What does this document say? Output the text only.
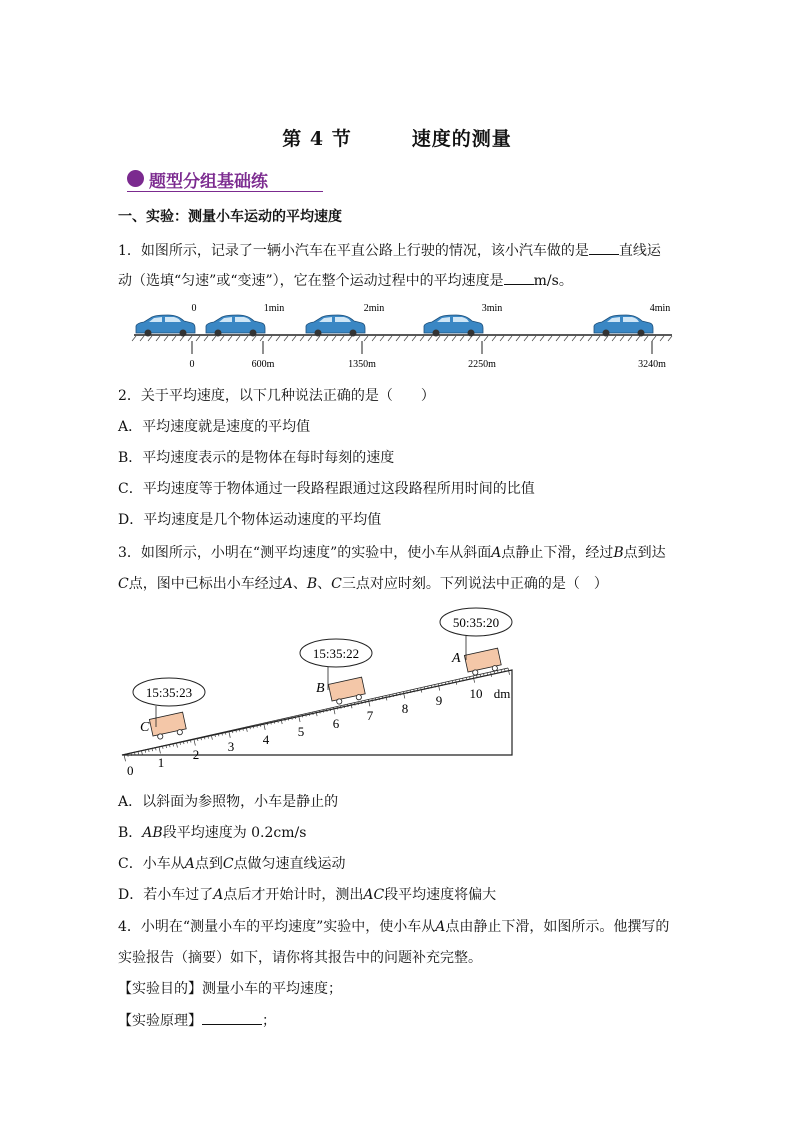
第 4 节	速度的测量
题型分组基础练
一、实验：测量小车运动的平均速度
1．如图所示，记录了一辆小汽车在平直公路上行驶的情况，该小汽车做的是 直线运
动（选填“匀速”或“变速”），它在整个运动过程中的平均速度是 m/s。
0	1min	2min	3min	4min
0	600m	1350m	2250m	3240m
2．关于平均速度，以下几种说法正确的是（　　）
A．平均速度就是速度的平均值
B．平均速度表示的是物体在每时每刻的速度
C．平均速度等于物体通过一段路程跟通过这段路程所用时间的比值
D．平均速度是几个物体运动速度的平均值
3．如图所示，小明在“测平均速度”的实验中，使小车从斜面A点静止下滑，经过B点到达
C点，图中已标出小车经过A、B、C三点对应时刻。下列说法中正确的是（　）
0
1
2
3 4
5
6
7 8
9 10 dm
C
15:35:23	B
15:35:22	A
50:35:20
A．以斜面为参照物，小车是静止的
B．AB段平均速度为 0.2cm/s
C．小车从A点到C点做匀速直线运动
D．若小车过了A点后才开始计时，测出AC段平均速度将偏大
4．小明在“测量小车的平均速度”实验中，使小车从A点由静止下滑，如图所示。他撰写的
实验报告（摘要）如下，请你将其报告中的问题补充完整。
【实验目的】测量小车的平均速度；
【实验原理】	；
